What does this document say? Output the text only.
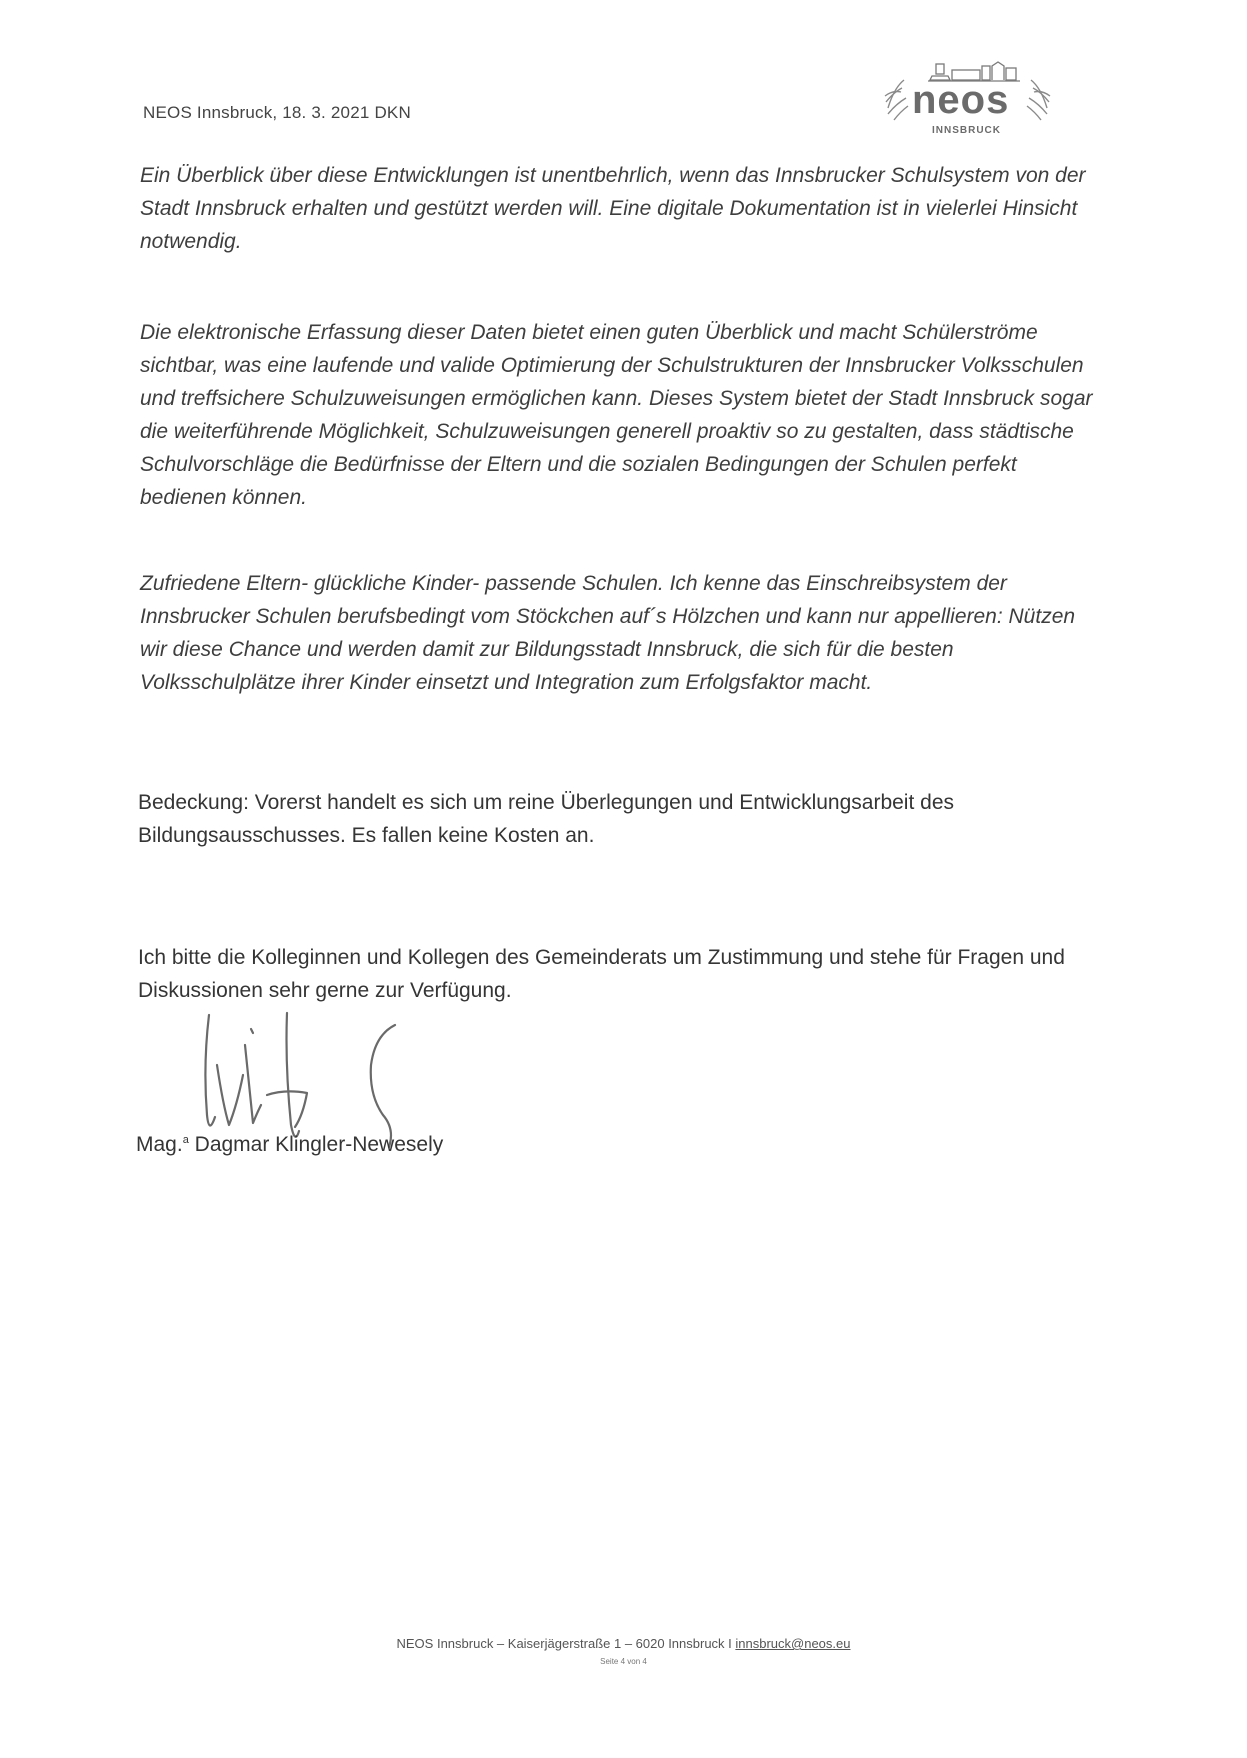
NEOS Innsbruck, 18. 3. 2021 DKN	neos
INNSBRUCK
Ein Überblick über diese Entwicklungen ist unentbehrlich, wenn das Innsbrucker Schulsystem von der Stadt Innsbruck erhalten und gestützt werden will. Eine digitale Dokumentation ist in vielerlei Hinsicht notwendig.
Die elektronische Erfassung dieser Daten bietet einen guten Überblick und macht Schülerströme sichtbar, was eine laufende und valide Optimierung der Schulstrukturen der Innsbrucker Volksschulen und treffsichere Schulzuweisungen ermöglichen kann. Dieses System bietet der Stadt Innsbruck sogar die weiterführende Möglichkeit, Schulzuweisungen generell proaktiv so zu gestalten, dass städtische Schulvorschläge die Bedürfnisse der Eltern und die sozialen Bedingungen der Schulen perfekt bedienen können.
Zufriedene Eltern- glückliche Kinder- passende Schulen. Ich kenne das Einschreibsystem der Innsbrucker Schulen berufsbedingt vom Stöckchen auf´s Hölzchen und kann nur appellieren: Nützen wir diese Chance und werden damit zur Bildungsstadt Innsbruck, die sich für die besten Volksschulplätze ihrer Kinder einsetzt und Integration zum Erfolgsfaktor macht.
Bedeckung: Vorerst handelt es sich um reine Überlegungen und Entwicklungsarbeit des Bildungsausschusses. Es fallen keine Kosten an.
Ich bitte die Kolleginnen und Kollegen des Gemeinderats um Zustimmung und stehe für Fragen und Diskussionen sehr gerne zur Verfügung.
Mag.$^a$ Dagmar Klingler-Newesely
NEOS Innsbruck – Kaiserjägerstraße 1 – 6020 Innsbruck I innsbruck@neos.eu
Seite 4 von 4
